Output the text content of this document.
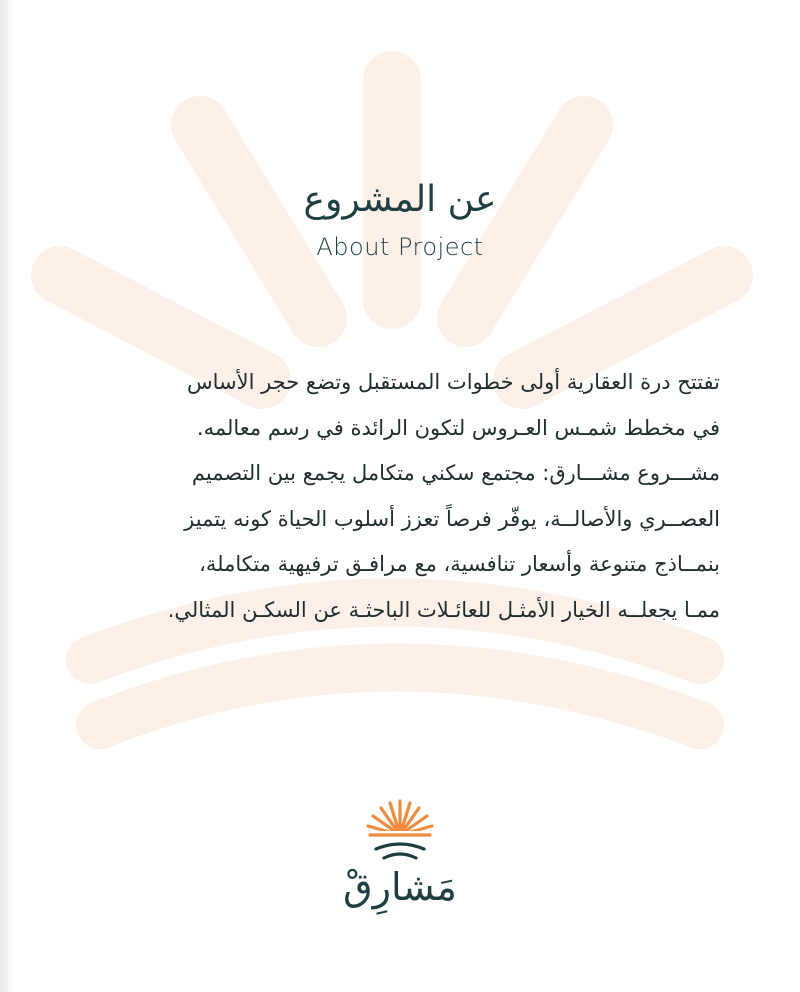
عن المشروع
About Project
تفتتح درة العقارية أولى خطوات المستقبل وتضع حجر الأساس
في مخطط شمـس العـروس لتكون الرائدة في رسم معالمه.
مشـــروع مشـــارق: مجتمع سكني متكامل يجمع بين التصميم
العصــري والأصالــة، يوفّر فرصاً تعزز أسلوب الحياة كونه يتميز
بنمــاذج متنوعة وأسعار تنافسية، مع مرافـق ترفيهية متكاملة،
ممـا يجعلــه الخيار الأمثـل للعائـلات الباحثـة عن السكـن المثالي.
مَشارِقْ
